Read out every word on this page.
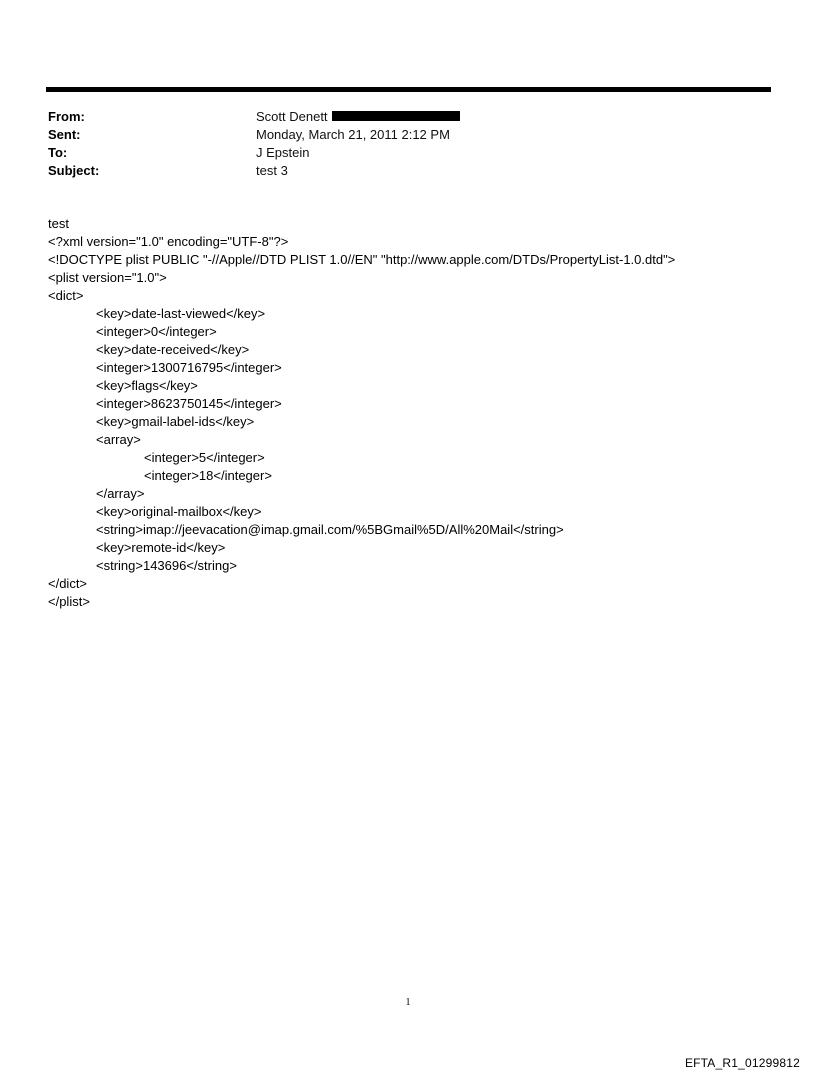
From:	Scott Denett
Sent:	Monday, March 21, 2011 2:12 PM
To:	J Epstein
Subject:	test 3
test
<?xml version="1.0" encoding="UTF-8"?>
<!DOCTYPE plist PUBLIC "-//Apple//DTD PLIST 1.0//EN" "http://www.apple.com/DTDs/PropertyList-1.0.dtd">
<plist version="1.0">
<dict>
<key>date-last-viewed</key>
<integer>0</integer>
<key>date-received</key>
<integer>1300716795</integer>
<key>flags</key>
<integer>8623750145</integer>
<key>gmail-label-ids</key>
<array>
<integer>5</integer>
<integer>18</integer>
</array>
<key>original-mailbox</key>
<string>imap://jeevacation@imap.gmail.com/%5BGmail%5D/All%20Mail</string>
<key>remote-id</key>
<string>143696</string>
</dict>
</plist>
1
EFTA_R1_01299812
